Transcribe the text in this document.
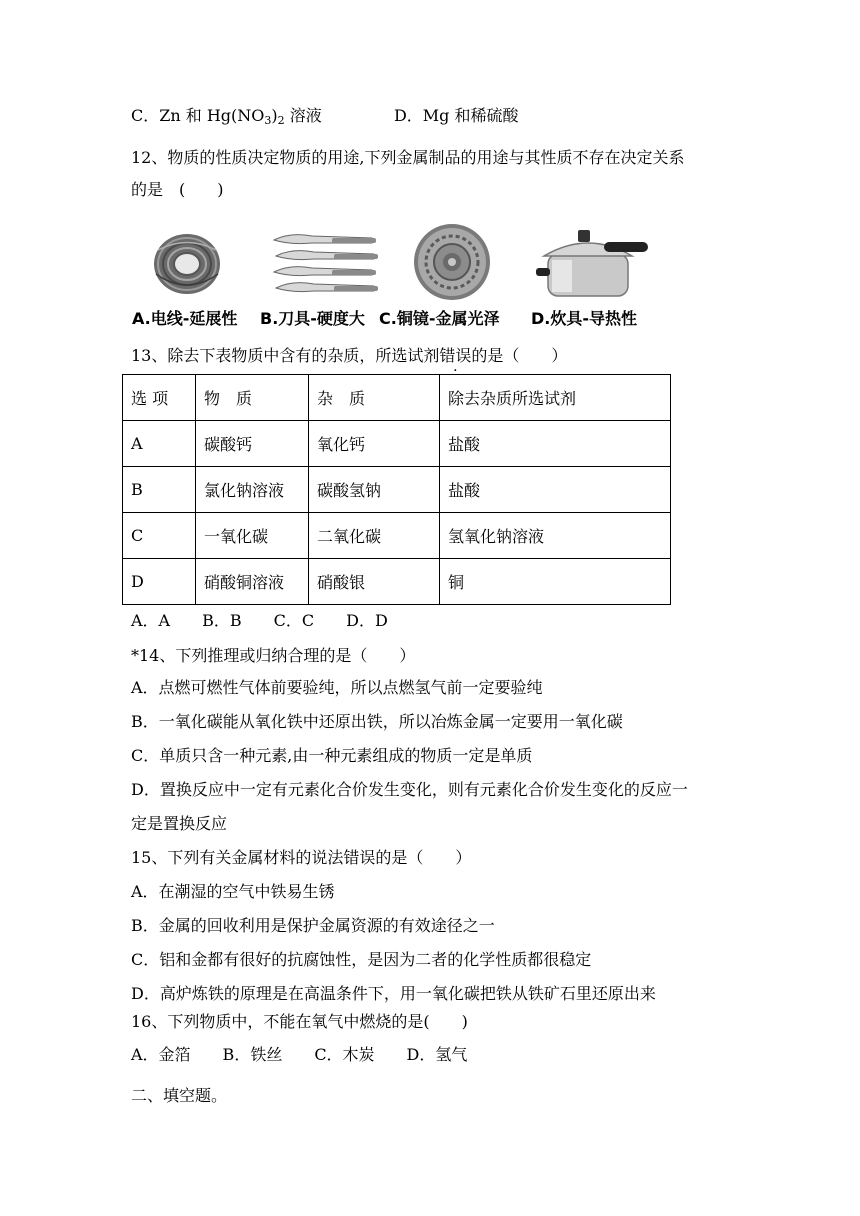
C．Zn 和 $Hg(NO_3)_2$ 溶液	D．Mg 和稀硫酸
12、物质的性质决定物质的用途,下列金属制品的用途与其性质不存在决定关系
的是　(　　)
A.电线-延展性 B.刀具-硬度大 C.铜镜-金属光泽 D.炊具-导热性
13、除去下表物质中含有的杂质，所选试剂错误的是（　　）
选 项	物　质	杂　质	除去杂质所选试剂
A	碳酸钙	氧化钙	盐酸
B	氯化钠溶液	碳酸氢钠	盐酸
C	一氧化碳	二氧化碳	氢氧化钠溶液
D	硝酸铜溶液	硝酸银	铜
A．A　　B．B　　C．C　　D．D
*14、下列推理或归纳合理的是（　　）
A．点燃可燃性气体前要验纯，所以点燃氢气前一定要验纯
B．一氧化碳能从氧化铁中还原出铁，所以冶炼金属一定要用一氧化碳
C．单质只含一种元素,由一种元素组成的物质一定是单质
D．置换反应中一定有元素化合价发生变化，则有元素化合价发生变化的反应一
定是置换反应
15、下列有关金属材料的说法错误的是（　　）
A．在潮湿的空气中铁易生锈
B．金属的回收利用是保护金属资源的有效途径之一
C．铝和金都有很好的抗腐蚀性，是因为二者的化学性质都很稳定
D．高炉炼铁的原理是在高温条件下，用一氧化碳把铁从铁矿石里还原出来
16、下列物质中，不能在氧气中燃烧的是(　　)
A．金箔　　B．铁丝　　C．木炭　　D．氢气
二、填空题。
